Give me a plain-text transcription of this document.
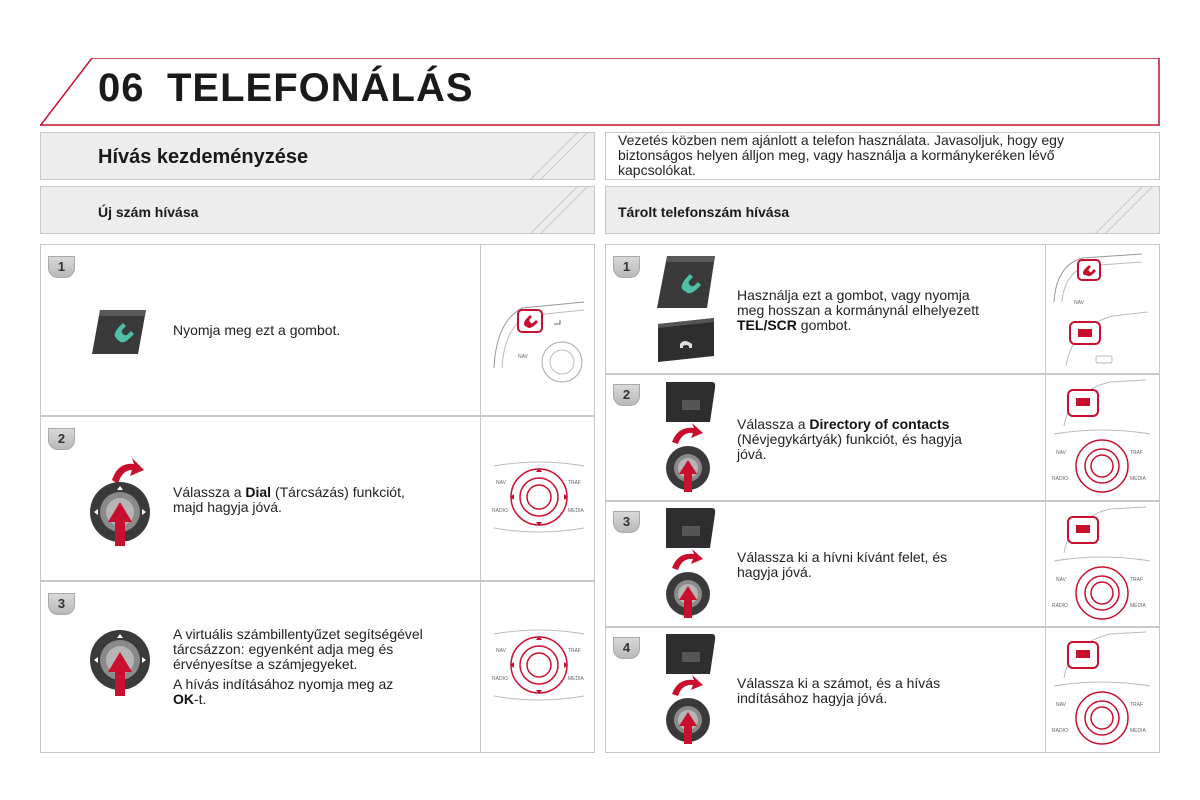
06 TELEFONÁLÁS
Hívás kezdeményzése
Vezetés közben nem ajánlott a telefon használata. Javasoljuk, hogy egy biztonságos helyen álljon meg, vagy használja a kormánykeréken lévő kapcsolókat.
Új szám hívása	Tárolt telefonszám hívása
1
Nyomja meg ezt a gombot.
NAV
2
Válassza a Dial (Tárcsázás) funkciót,
majd hagyja jóvá.
NAV	TRAF
RADIO	MEDIA
3
A virtuális számbillentyűzet segítségével
tárcsázzon: egyenként adja meg és
érvényesítse a számjegyeket.
A hívás indításához nyomja meg az
OK-t.
NAV	TRAF
RADIO	MEDIA
1
Használja ezt a gombot, vagy nyomja
meg hosszan a kormánynál elhelyezett
TEL/SCR gombot.
NAV
2
Válassza a Directory of contacts
(Névjegykártyák) funkciót, és hagyja
jóvá.	NAV	TRAF
RADIO	MEDIA
3
Válassza ki a hívni kívánt felet, és
hagyja jóvá.	NAV	TRAF
RADIO	MEDIA
4
Válassza ki a számot, és a hívás
indításához hagyja jóvá.	NAV	TRAF
RADIO	MEDIA
